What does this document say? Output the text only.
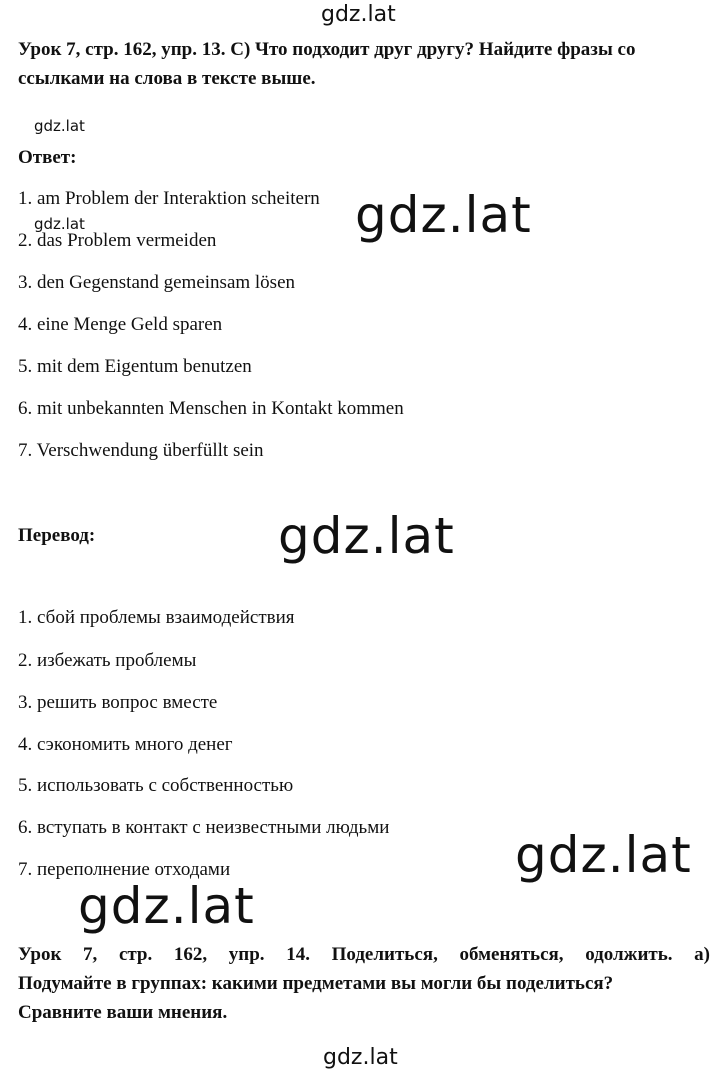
gdz.lat
Урок 7, стр. 162, упр. 13. C) Что подходит друг другу? Найдите фразы со
ссылками на слова в тексте выше.
gdz.lat
Ответ:
1. am Problem der Interaktion scheitern
gdz.lat
2. das Problem vermeiden
3. den Gegenstand gemeinsam lösen
4. eine Menge Geld sparen
5. mit dem Eigentum benutzen
6. mit unbekannten Menschen in Kontakt kommen
7. Verschwendung überfüllt sein
gdz.lat
Перевод:	gdz.lat
1. сбой проблемы взаимодействия
2. избежать проблемы
3. решить вопрос вместе
4. сэкономить много денег
5. использовать с собственностью
6. вступать в контакт с неизвестными людьми
7. переполнение отходами	gdz.lat
gdz.lat
Урок 7, стр. 162, упр. 14. Поделиться, обменяться, одолжить. a)
Подумайте в группах: какими предметами вы могли бы поделиться?
Сравните ваши мнения.
gdz.lat
